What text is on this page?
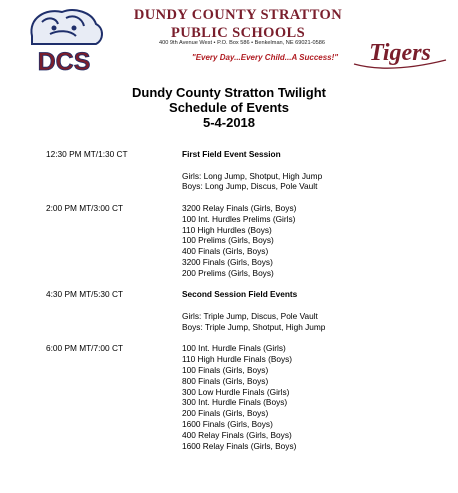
DCS
DUNDY COUNTY STRATTON PUBLIC SCHOOLS
400 9th Avenue West • P.O. Box 586 • Benkelman, NE 69021-0586
"Every Day...Every Child...A Success!"	Tigers
Dundy County Stratton Twilight
Schedule of Events
5-4-2018
12:30 PM MT/1:30 CT	First Field Event Session
Girls: Long Jump, Shotput, High Jump
Boys: Long Jump, Discus, Pole Vault
2:00 PM MT/3:00 CT	3200 Relay Finals (Girls, Boys)
100 Int. Hurdles Prelims (Girls)
110 High Hurdles (Boys)
100 Prelims (Girls, Boys)
400 Finals (Girls, Boys)
3200 Finals (Girls, Boys)
200 Prelims (Girls, Boys)
4:30 PM MT/5:30 CT	Second Session Field Events
Girls: Triple Jump, Discus, Pole Vault
Boys: Triple Jump, Shotput, High Jump
6:00 PM MT/7:00 CT	100 Int. Hurdle Finals (Girls)
110 High Hurdle Finals (Boys)
100 Finals (Girls, Boys)
800 Finals (Girls, Boys)
300 Low Hurdle Finals (Girls)
300 Int. Hurdle Finals (Boys)
200 Finals (Girls, Boys)
1600 Finals (Girls, Boys)
400 Relay Finals (Girls, Boys)
1600 Relay Finals (Girls, Boys)
